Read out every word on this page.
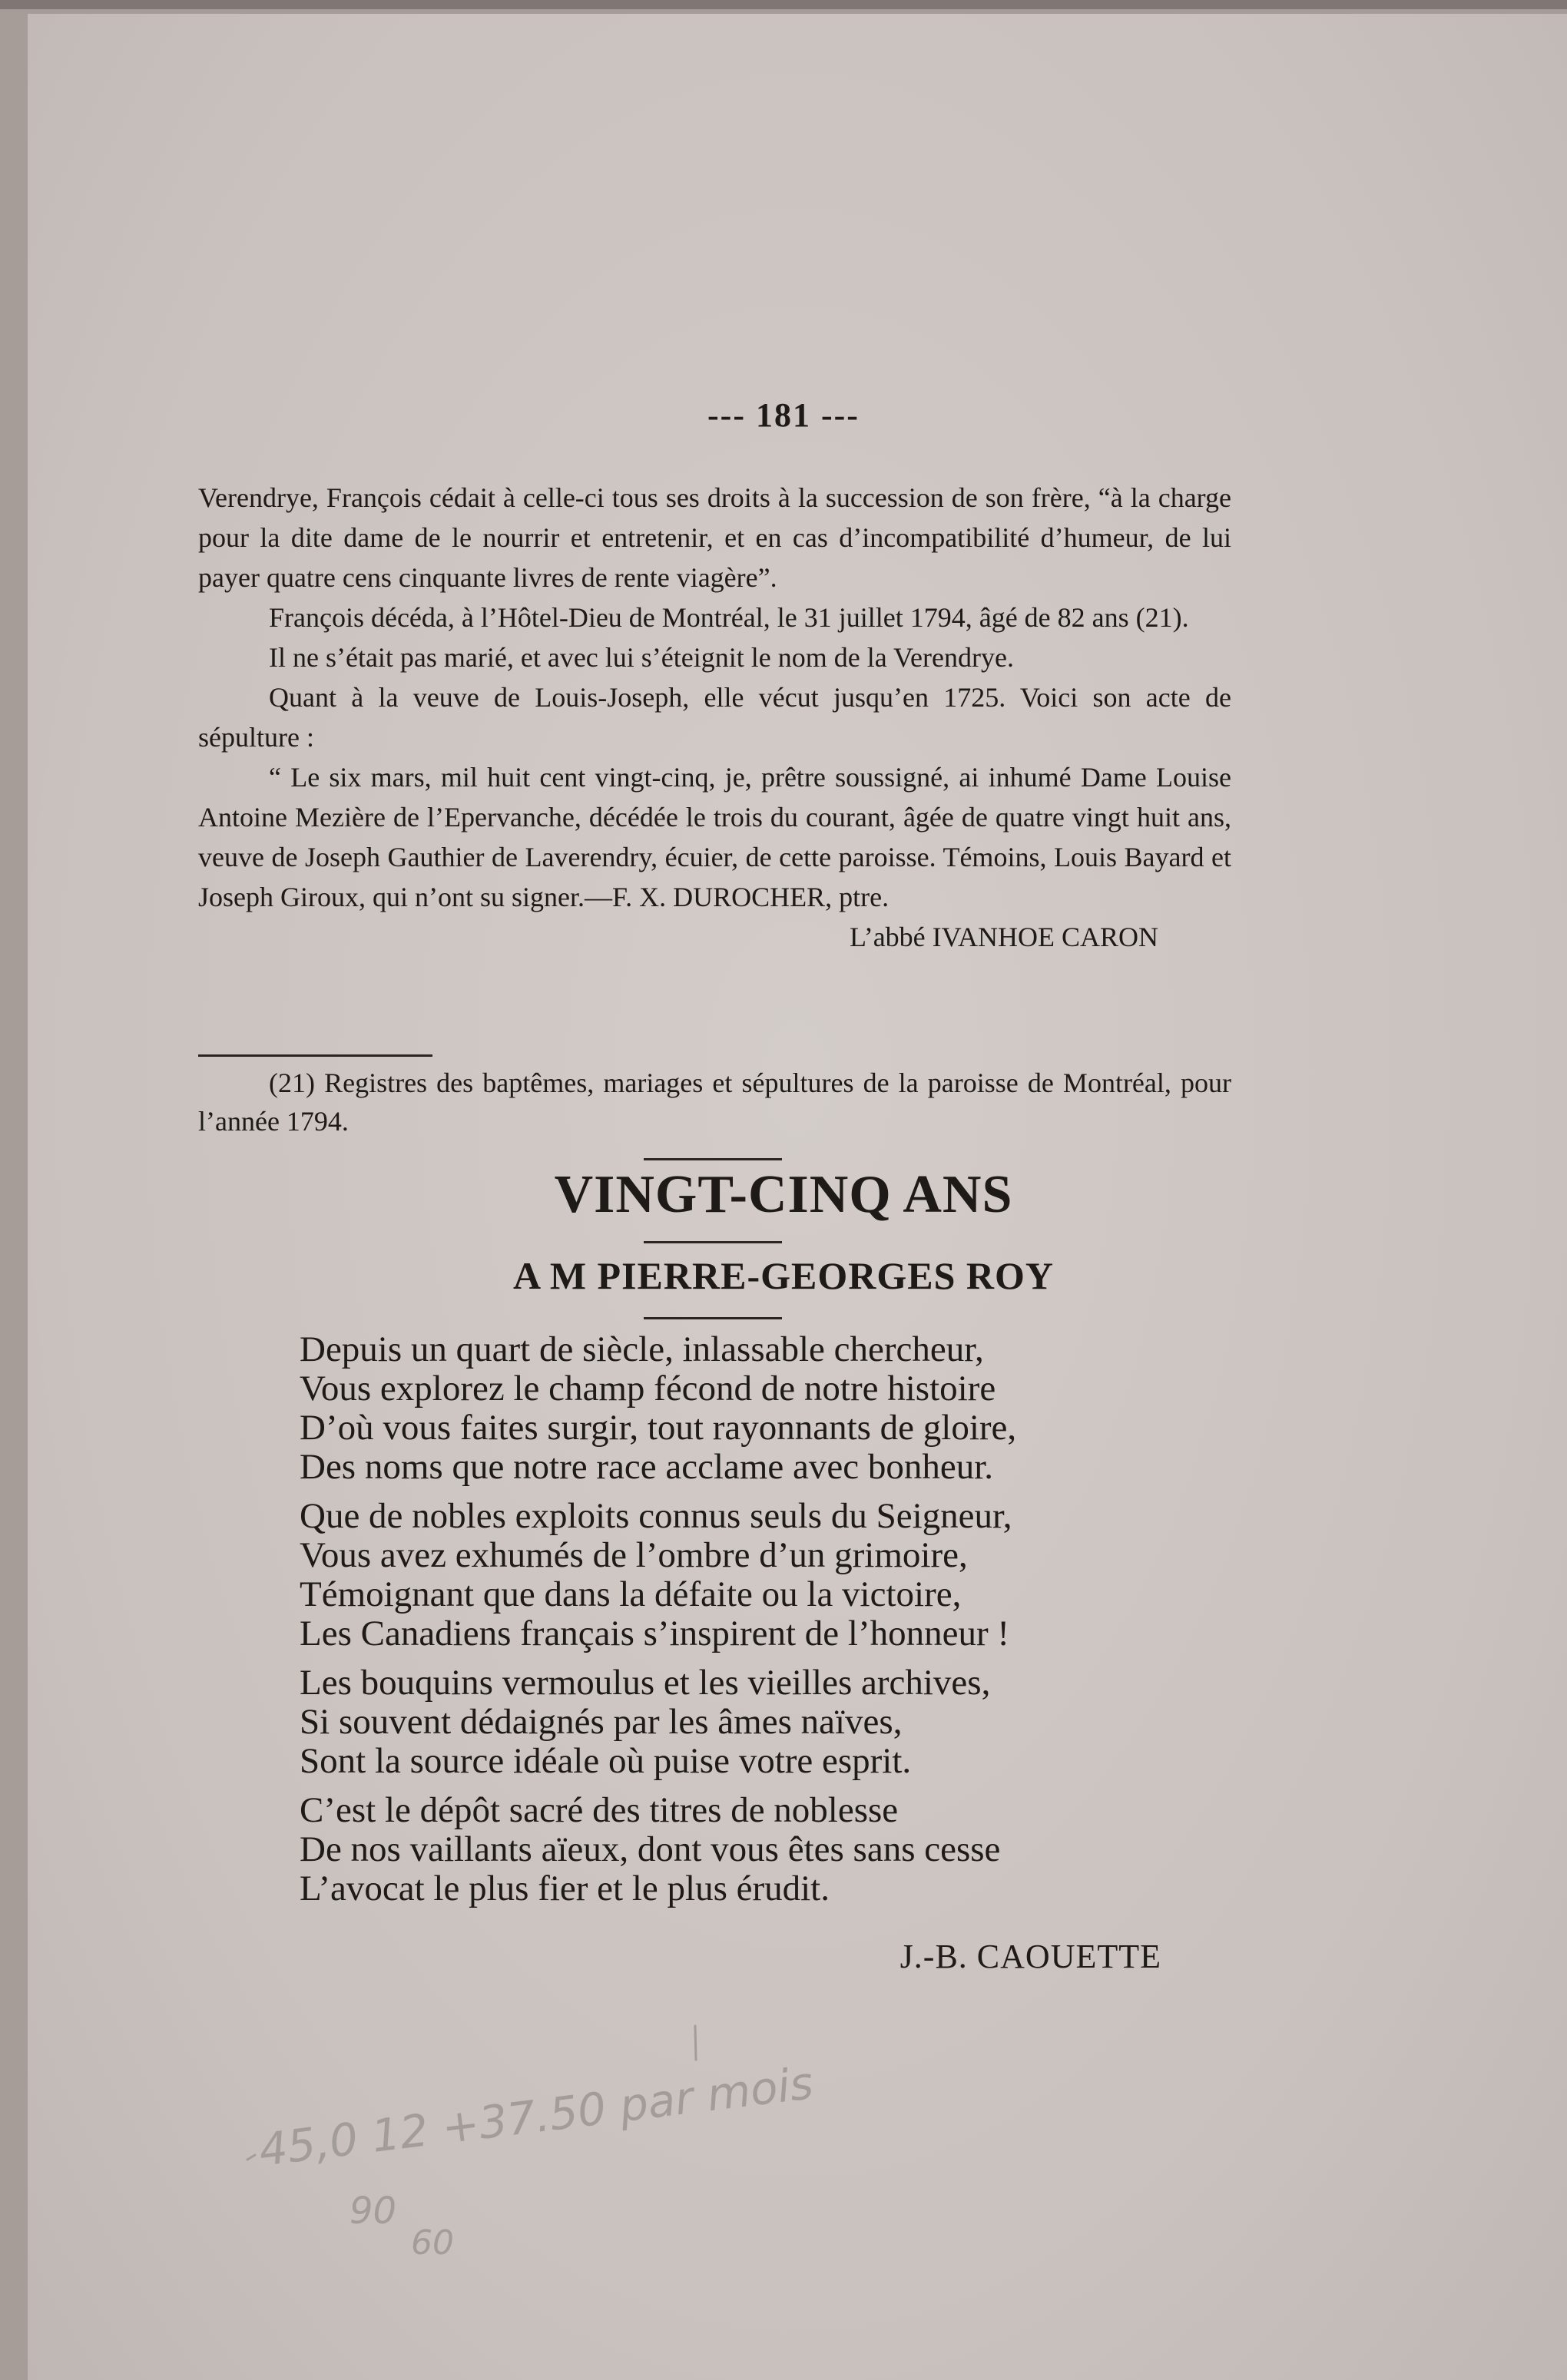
--- 181 ---

Verendrye, François cédait à celle-ci tous ses droits à la succession de son frère, “à la charge pour la dite dame de le nourrir et entretenir, et en cas d’incompatibilité d’humeur, de lui payer quatre cens cinquante livres de rente viagère”.

François décéda, à l’Hôtel-Dieu de Montréal, le 31 juillet 1794, âgé de 82 ans (21).

Il ne s’était pas marié, et avec lui s’éteignit le nom de la Verendrye.

Quant à la veuve de Louis-Joseph, elle vécut jusqu’en 1725. Voici son acte de sépulture :

“ Le six mars, mil huit cent vingt-cinq, je, prêtre soussigné, ai inhumé Dame Louise Antoine Mezière de l’Epervanche, décédée le trois du courant, âgée de quatre vingt huit ans, veuve de Joseph Gauthier de Laverendry, écuier, de cette paroisse. Témoins, Louis Bayard et Joseph Giroux, qui n’ont su signer.—F. X. DUROCHER, ptre.

L’abbé IVANHOE CARON

(21) Registres des baptêmes, mariages et sépultures de la paroisse de Montréal, pour l’année 1794.
VINGT-CINQ ANS
A M PIERRE-GEORGES ROY
Depuis un quart de siècle, inlassable chercheur,
Vous explorez le champ fécond de notre histoire
D’où vous faites surgir, tout rayonnants de gloire,
Des noms que notre race acclame avec bonheur.
Que de nobles exploits connus seuls du Seigneur,
Vous avez exhumés de l’ombre d’un grimoire,
Témoignant que dans la défaite ou la victoire,
Les Canadiens français s’inspirent de l’honneur !
Les bouquins vermoulus et les vieilles archives,
Si souvent dédaignés par les âmes naïves,
Sont la source idéale où puise votre esprit.
C’est le dépôt sacré des titres de noblesse
De nos vaillants aïeux, dont vous êtes sans cesse
L’avocat le plus fier et le plus érudit.
J.-B. CAOUETTE
45,0 12 +37.50 par mois
90
60
